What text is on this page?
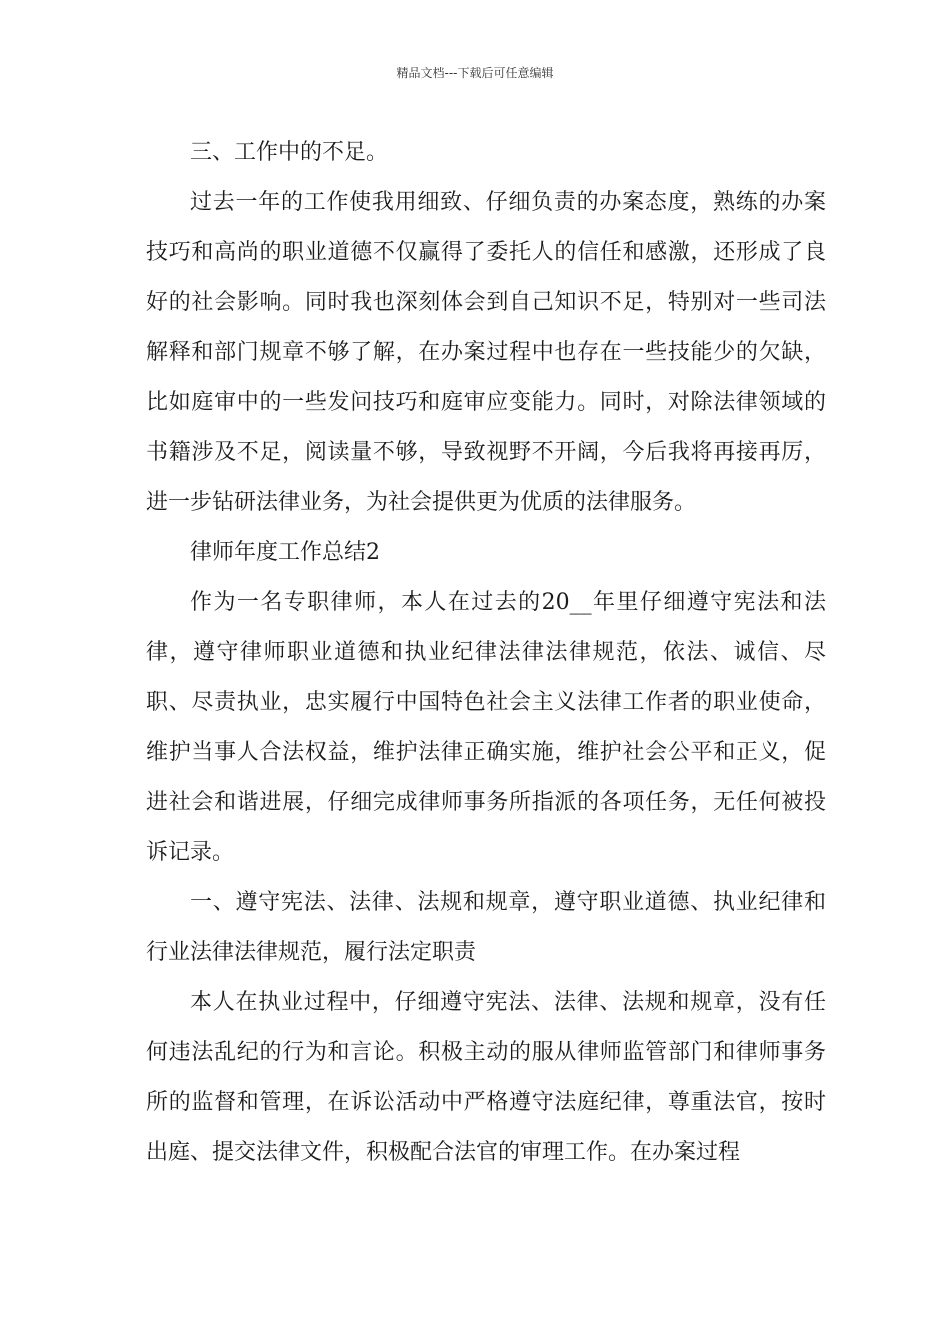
精品文档---下载后可任意编辑

三、工作中的不足。

过去一年的工作使我用细致、仔细负责的办案态度，熟练的办案技巧和高尚的职业道德不仅赢得了委托人的信任和感激，还形成了良好的社会影响。同时我也深刻体会到自己知识不足，特别对一些司法解释和部门规章不够了解，在办案过程中也存在一些技能少的欠缺，比如庭审中的一些发问技巧和庭审应变能力。同时，对除法律领域的书籍涉及不足，阅读量不够，导致视野不开阔，今后我将再接再厉，进一步钻研法律业务，为社会提供更为优质的法律服务。

律师年度工作总结2

作为一名专职律师，本人在过去的20__年里仔细遵守宪法和法律，遵守律师职业道德和执业纪律法律法律规范，依法、诚信、尽职、尽责执业，忠实履行中国特色社会主义法律工作者的职业使命，维护当事人合法权益，维护法律正确实施，维护社会公平和正义，促进社会和谐进展，仔细完成律师事务所指派的各项任务，无任何被投诉记录。

一、遵守宪法、法律、法规和规章，遵守职业道德、执业纪律和行业法律法律规范，履行法定职责

本人在执业过程中，仔细遵守宪法、法律、法规和规章，没有任何违法乱纪的行为和言论。积极主动的服从律师监管部门和律师事务所的监督和管理，在诉讼活动中严格遵守法庭纪律，尊重法官，按时出庭、提交法律文件，积极配合法官的审理工作。在办案过程
